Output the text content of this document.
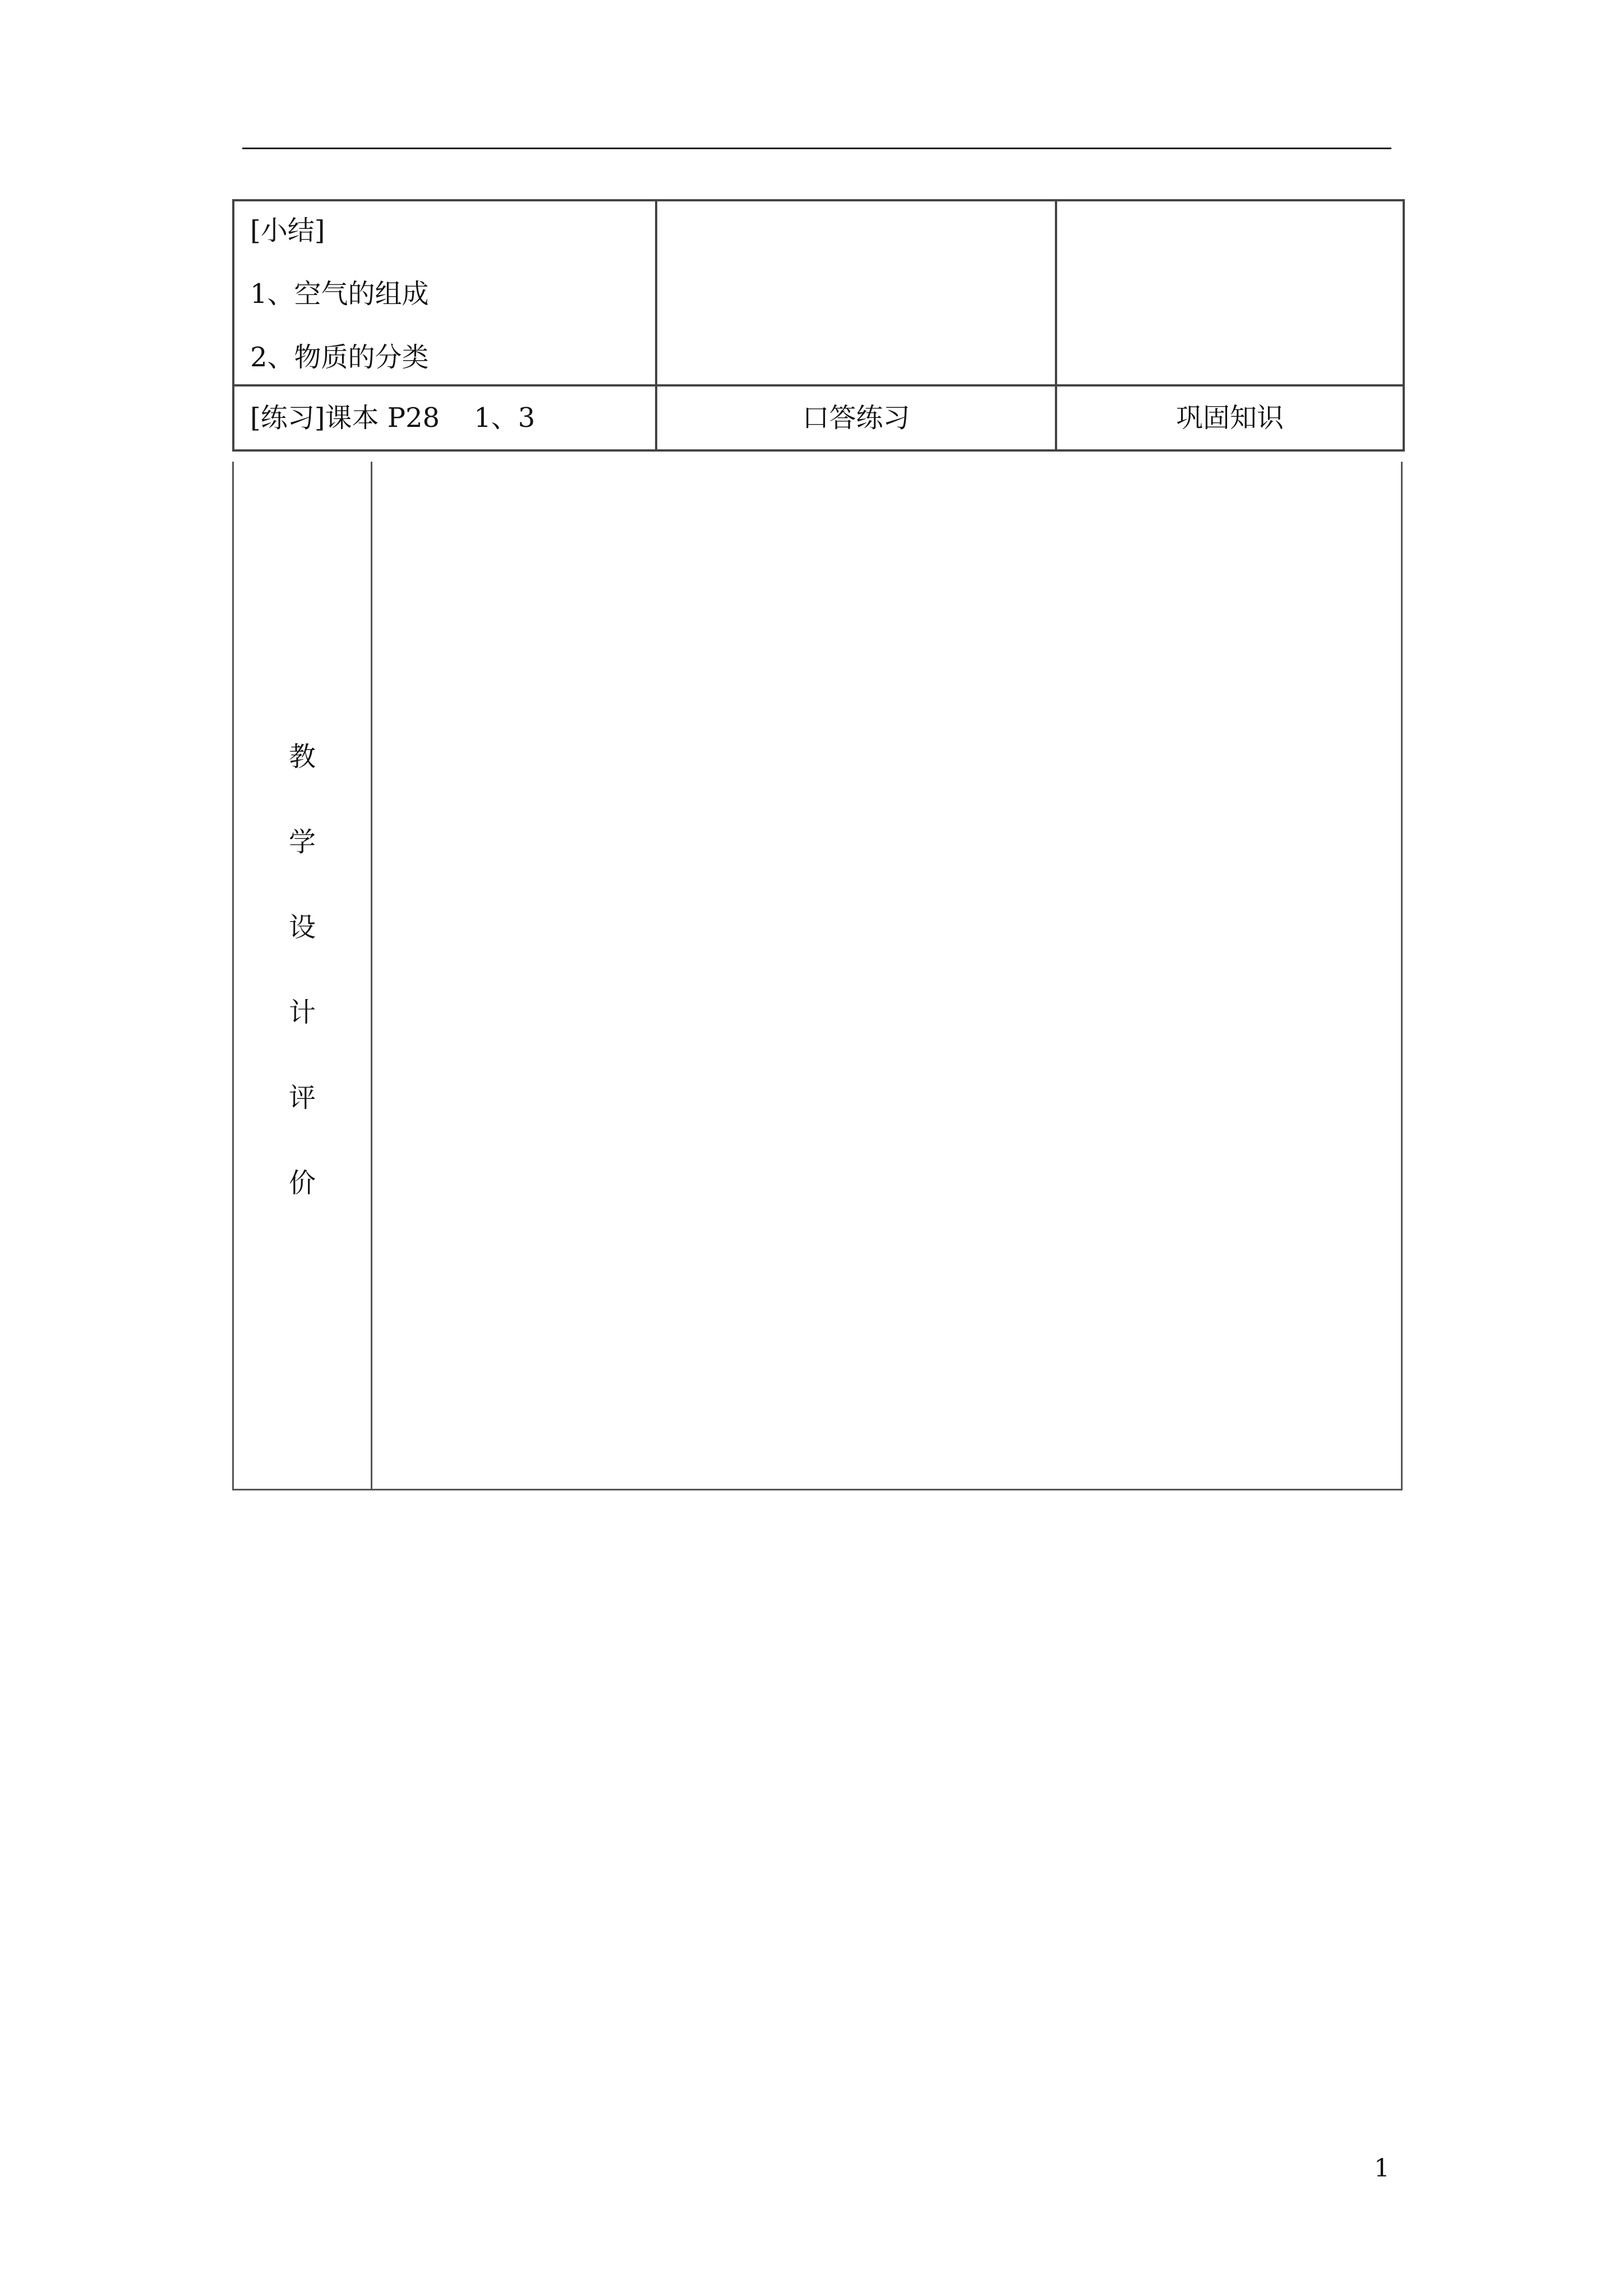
[小结]
1、空气的组成
2、物质的分类		

[练习]课本 P28    1、3	口答练习	巩固知识
教
学
设
计
评
价
1
